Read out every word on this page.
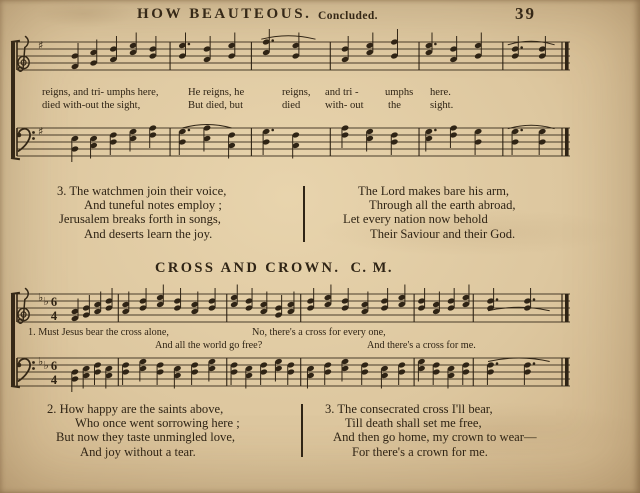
HOW BEAUTEOUS. Concluded.	39
♯
reigns, and tri- umphs here,	He reigns, he	reigns, and tri - umphs here.
died with-out the sight,	But died, but	died with- out the	sight.
♯
3. The watchmen join their voice,
And tuneful notes employ ;
Jerusalem breaks forth in songs,
And deserts learn the joy.
The Lord makes bare his arm,
Through all the earth abroad,
Let every nation now behold
Their Saviour and their God.
CROSS AND CROWN. C. M.
♭ ♭ 6
4
1. Must Jesus bear the cross alone,	No, there's a cross for every one,
And all the world go free?	And there's a cross for me.
♭ ♭ 6
4
2. How happy are the saints above,
Who once went sorrowing here ;
But now they taste unmingled love,
And joy without a tear.
3. The consecrated cross I'll bear,
Till death shall set me free,
And then go home, my crown to wear—
For there's a crown for me.
